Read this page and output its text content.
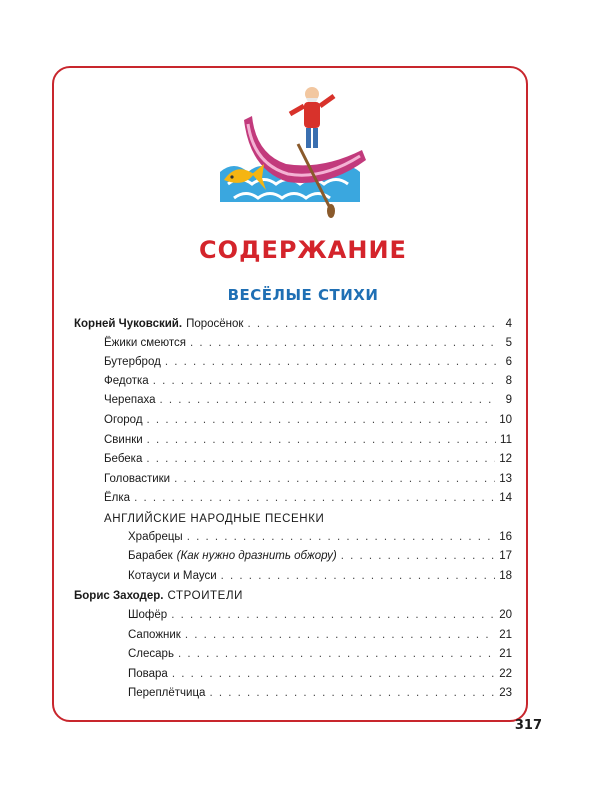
СОДЕРЖАНИЕ
ВЕСЁЛЫЕ СТИХИ
Корней Чуковский. Поросёнок . . .	4
Ёжики смеются . . .	5
Бутерброд . . .	6
Федотка . . .	8
Черепаха . . .	9
Огород . . .	10
Свинки . . .	11
Бебека . . .	12
Головастики . . .	13
Ёлка . . .	14
АНГЛИЙСКИЕ НАРОДНЫЕ ПЕСЕНКИ
Храбрецы . . .	16
Барабек (Как нужно дразнить обжору) . . .	17
Котауси и Мауси . . .	18
Борис Заходер. СТРОИТЕЛИ
Шофёр . . .	20
Сапожник . . .	21
Слесарь . . .	21
Повара . . .	22
Переплётчица . . .	23
317
